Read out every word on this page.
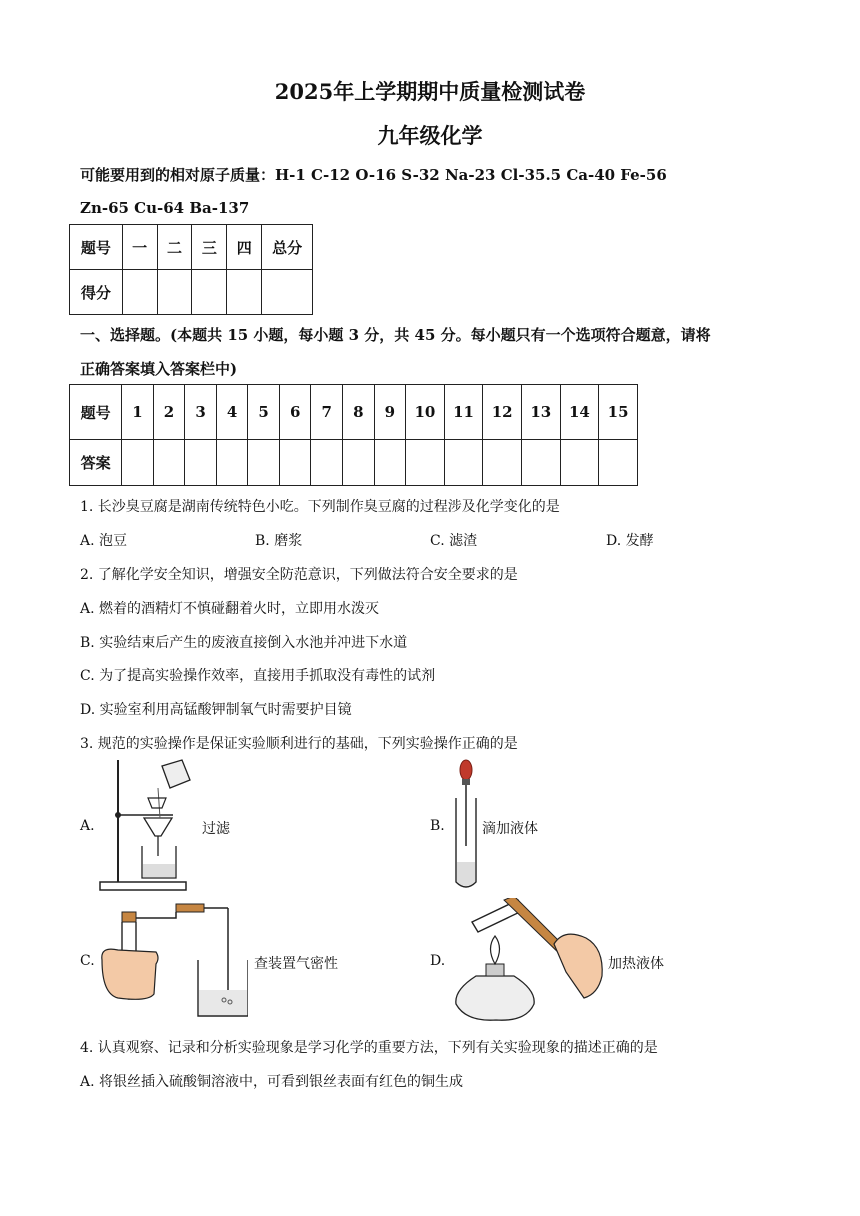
2025年上学期期中质量检测试卷
九年级化学
可能要用到的相对原子质量：H-1 C-12 O-16 S-32 Na-23 Cl-35.5 Ca-40 Fe-56
Zn-65 Cu-64 Ba-137
题号	一	二	三	四	总分
得分					
一、选择题。(本题共 15 小题，每小题 3 分，共 45 分。每小题只有一个选项符合题意，请将
正确答案填入答案栏中)
题号	1	2	3	4	5	6	7	8	9	10	11	12	13	14	15
答案															
1. 长沙臭豆腐是湖南传统特色小吃。下列制作臭豆腐的过程涉及化学变化的是
A. 泡豆	B. 磨浆	C. 滤渣	D. 发酵
2. 了解化学安全知识，增强安全防范意识，下列做法符合安全要求的是
A. 燃着的酒精灯不慎碰翻着火时，立即用水泼灭
B. 实验结束后产生的废液直接倒入水池并冲进下水道
C. 为了提高实验操作效率，直接用手抓取没有毒性的试剂
D. 实验室利用高锰酸钾制氧气时需要护目镜
3. 规范的实验操作是保证实验顺利进行的基础，下列实验操作正确的是
A.	过滤	B.	滴加液体
C.	查装置气密性	D.	加热液体
4. 认真观察、记录和分析实验现象是学习化学的重要方法，下列有关实验现象的描述正确的是
A. 将银丝插入硫酸铜溶液中，可看到银丝表面有红色的铜生成
